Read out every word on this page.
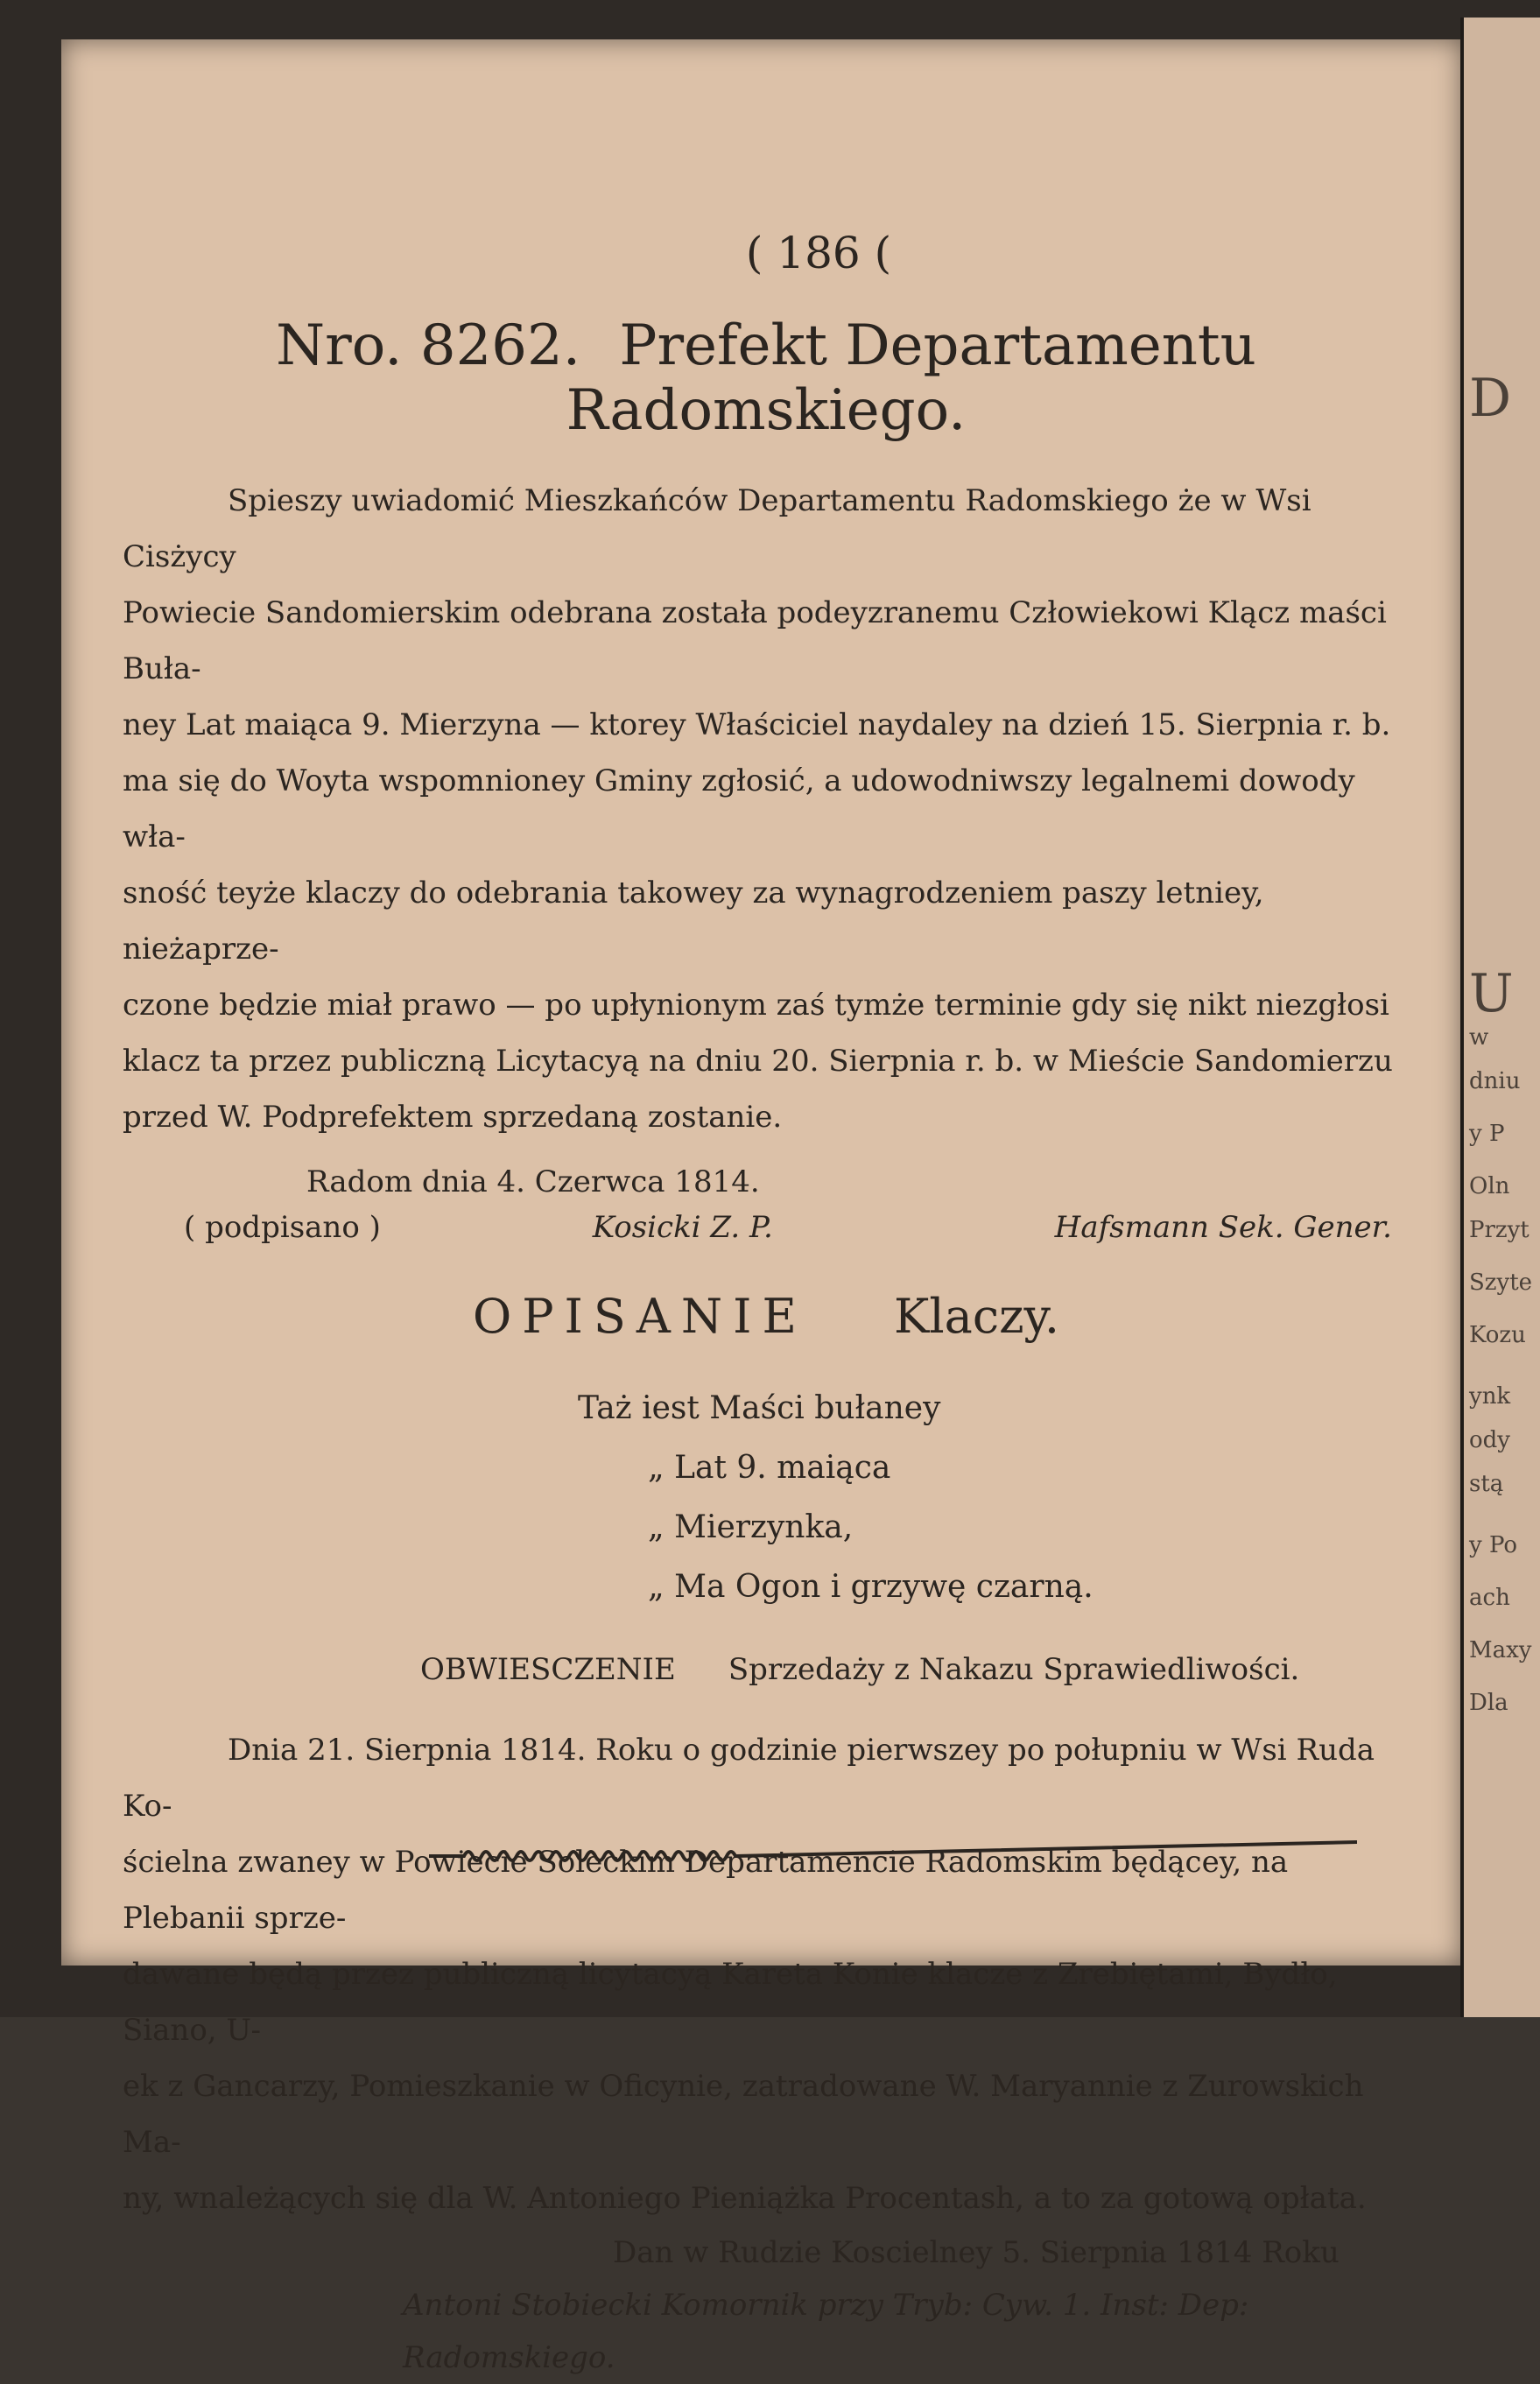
D
U
w
dniu
y P
Oln
Przyt
Szyte
Kozu
ynk
ody
stą
y Po
ach
Maxy
Dla
( 186 (
Nro. 8262. Prefekt Departamentu Radomskiego.

Spieszy uwiadomić Mieszkańców Departamentu Radomskiego że w Wsi Cisżycy

Powiecie Sandomierskim odebrana została podeyzranemu Człowiekowi Klącz maści Buła-

ney Lat maiąca 9. Mierzyna — ktorey Właściciel naydaley na dzień 15. Sierpnia r. b.

ma się do Woyta wspomnioney Gminy zgłosić, a udowodniwszy legalnemi dowody wła-

sność teyże klaczy do odebrania takowey za wynagrodzeniem paszy letniey, nieżaprze-

czone będzie miał prawo — po upłynionym zaś tymże terminie gdy się nikt niezgłosi

klacz ta przez publiczną Licytacyą na dniu 20. Sierpnia r. b. w Mieście Sandomierzu

przed W. Podprefektem sprzedaną zostanie.

Radom dnia 4. Czerwca 1814.
( podpisano )	Kosicki Z. P.	Hafsmann Sek. Gener.
OPISANIE Klaczy.
Taż iest Maści bułaney
„ Lat 9. maiąca
„ Mierzynka,
„ Ma Ogon i grzywę czarną.
OBWIESCZENIE Sprzedaży z Nakazu Sprawiedliwości.

Dnia 21. Sierpnia 1814. Roku o godzinie pierwszey po połupniu w Wsi Ruda Ko-

ścielna zwaney w Powiecie Soleckim Departamencie Radomskim będącey, na Plebanii sprze-

dawane będą przez publiczną licytacyą Kareta Konie klacze z Zrebiętami, Bydło, Siano, U-

ek z Gancarzy, Pomieszkanie w Oficynie, zatradowane W. Maryannie z Zurowskich Ma-

ny, wnależących się dla W. Antoniego Pieniążka Procentash, a to za gotową opłata.

Dan w Rudzie Koscielney 5. Sierpnia 1814 Roku
Antoni Stobiecki Komornik przy Tryb: Cyw. 1. Inst: Dep: Radomskiego.
